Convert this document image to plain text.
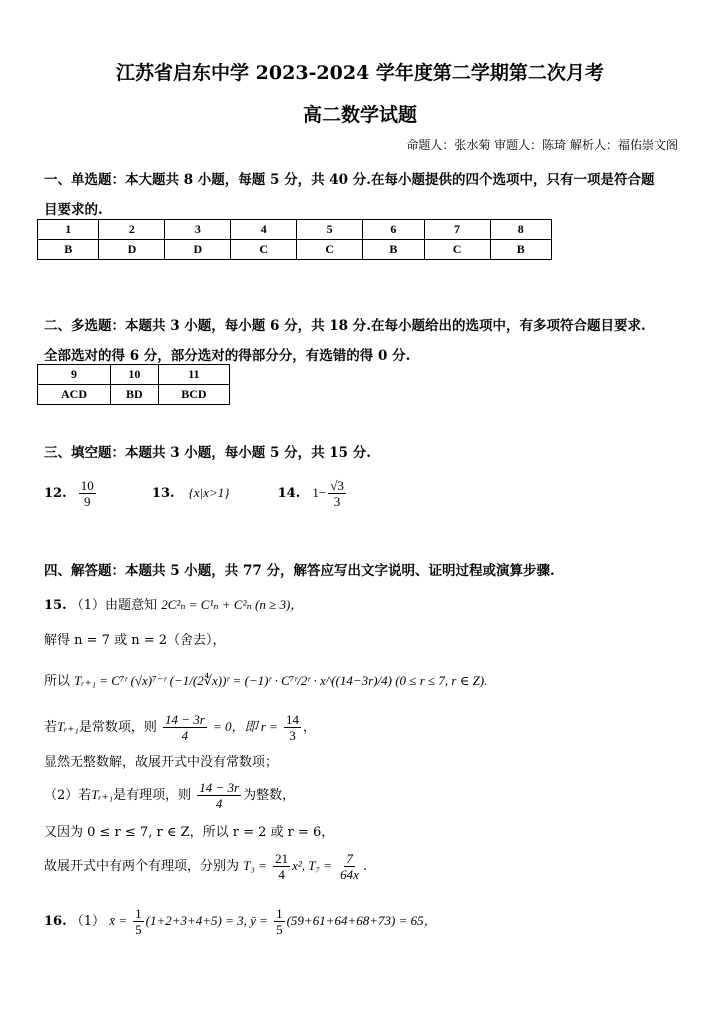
江苏省启东中学 2023-2024 学年度第二学期第二次月考
高二数学试题
命题人：张水菊 审题人：陈琦 解析人：福佑崇文阁
一、单选题：本大题共 8 小题，每题 5 分，共 40 分.在每小题提供的四个选项中，只有一项是符合题
目要求的.
1	2	3	4	5	6	7	8
B	D	D	C	C	B	C	B
二、多选题：本题共 3 小题，每小题 6 分，共 18 分.在每小题给出的选项中，有多项符合题目要求.
全部选对的得 6 分，部分选对的得部分分，有选错的得 0 分.
9	10	11
ACD	BD	BCD
三、填空题：本题共 3 小题，每小题 5 分，共 15 分.
12. $\frac{10}{9}$	13. {x|x>1}	14. $1- \frac{√3}{3}$
四、解答题：本题共 5 小题，共 77 分，解答应写出文字说明、证明过程或演算步骤.
15. （1）由题意知 2C²ₙ = C¹ₙ + C²ₙ (n ≥ 3)，
解得 n = 7 或 n = 2（舍去），
所以 Tᵣ₊₁ = C⁷ʳ (√x)⁷⁻ʳ (−1/(2∜x))ʳ = (−1)ʳ · C⁷ʳ/2ʳ · x^((14−3r)/4) (0 ≤ r ≤ 7, r ∈ Z).
若Tᵣ₊₁是常数项，则 $\frac{14 - 3r}{4} = 0$，即 $r = \frac{14}{3}$ ，
显然无整数解，故展开式中没有常数项；
（2）若Tᵣ₊₁是有理项，则 $\frac{14 - 3r}{4}$ 为整数，
又因为 0 ≤ r ≤ 7, r ∈ Z，所以 r = 2 或 r = 6，
故展开式中有两个有理项，分别为 $T_3 = \frac{21}{4} x^2$, $T_7 = \frac{7}{64x}$ .
16. （1） x̄ = $\frac{1}{5} (1+2+3+4+5) = 3$, ȳ = $\frac{1}{5} (59+61+64+68+73) = 65$，
